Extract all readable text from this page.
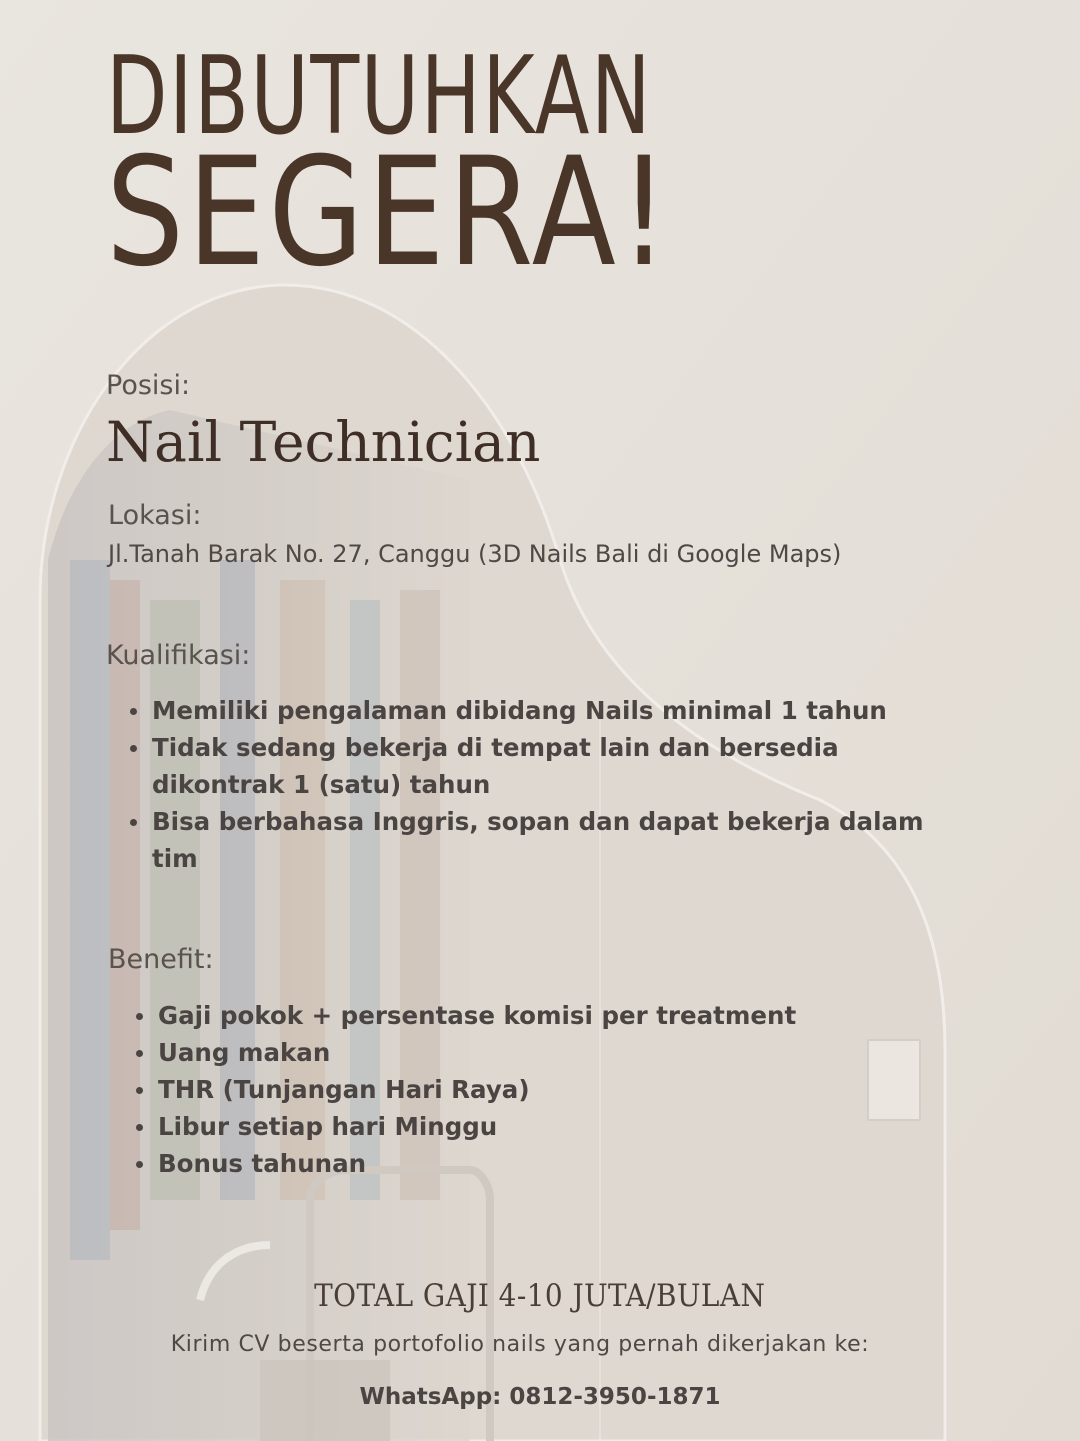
DIBUTUHKAN
SEGERA!
Posisi:
Nail Technician
Lokasi:
Jl.Tanah Barak No. 27, Canggu (3D Nails Bali di Google Maps)
Kualifikasi:
Memiliki pengalaman dibidang Nails minimal 1 tahun
Tidak sedang bekerja di tempat lain dan bersedia dikontrak 1 (satu) tahun
Bisa berbahasa Inggris, sopan dan dapat bekerja dalam tim
Benefit:
Gaji pokok + persentase komisi per treatment
Uang makan
THR (Tunjangan Hari Raya)
Libur setiap hari Minggu
Bonus tahunan
TOTAL GAJI 4-10 JUTA/BULAN
Kirim CV beserta portofolio nails yang pernah dikerjakan ke:
WhatsApp: 0812-3950-1871
